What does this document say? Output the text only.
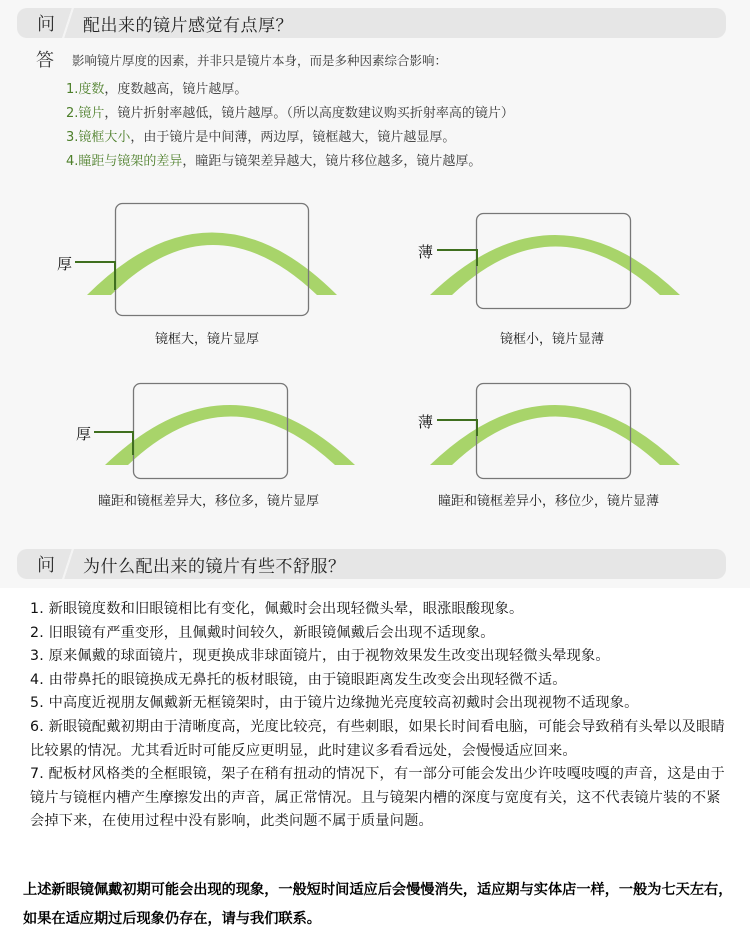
问 配出来的镜片感觉有点厚？
答 影响镜片厚度的因素，并非只是镜片本身，而是多种因素综合影响：
1.度数，度数越高，镜片越厚。
2.镜片，镜片折射率越低，镜片越厚。（所以高度数建议购买折射率高的镜片）
3.镜框大小，由于镜片是中间薄，两边厚，镜框越大，镜片越显厚。
4.瞳距与镜架的差异，瞳距与镜架差异越大，镜片移位越多，镜片越厚。
厚
镜框大，镜片显厚
薄
镜框小，镜片显薄
厚
瞳距和镜框差异大，移位多，镜片显厚
薄
瞳距和镜框差异小，移位少，镜片显薄
问 为什么配出来的镜片有些不舒服？

1. 新眼镜度数和旧眼镜相比有变化，佩戴时会出现轻微头晕，眼涨眼酸现象。

2. 旧眼镜有严重变形，且佩戴时间较久，新眼镜佩戴后会出现不适现象。

3. 原来佩戴的球面镜片，现更换成非球面镜片，由于视物效果发生改变出现轻微头晕现象。

4. 由带鼻托的眼镜换成无鼻托的板材眼镜，由于镜眼距离发生改变会出现轻微不适。

5. 中高度近视朋友佩戴新无框镜架时，由于镜片边缘抛光亮度较高初戴时会出现视物不适现象。

6. 新眼镜配戴初期由于清晰度高，光度比较亮，有些刺眼，如果长时间看电脑，可能会导致稍有头晕以及眼睛比较累的情况。尤其看近时可能反应更明显，此时建议多看看远处，会慢慢适应回来。

7. 配板材风格类的全框眼镜，架子在稍有扭动的情况下，有一部分可能会发出少许吱嘎吱嘎的声音，这是由于镜片与镜框内槽产生摩擦发出的声音，属正常情况。且与镜架内槽的深度与宽度有关，这不代表镜片装的不紧会掉下来，在使用过程中没有影响，此类问题不属于质量问题。

上述新眼镜佩戴初期可能会出现的现象，一般短时间适应后会慢慢消失，适应期与实体店一样，一般为七天左右，如果在适应期过后现象仍存在，请与我们联系。
